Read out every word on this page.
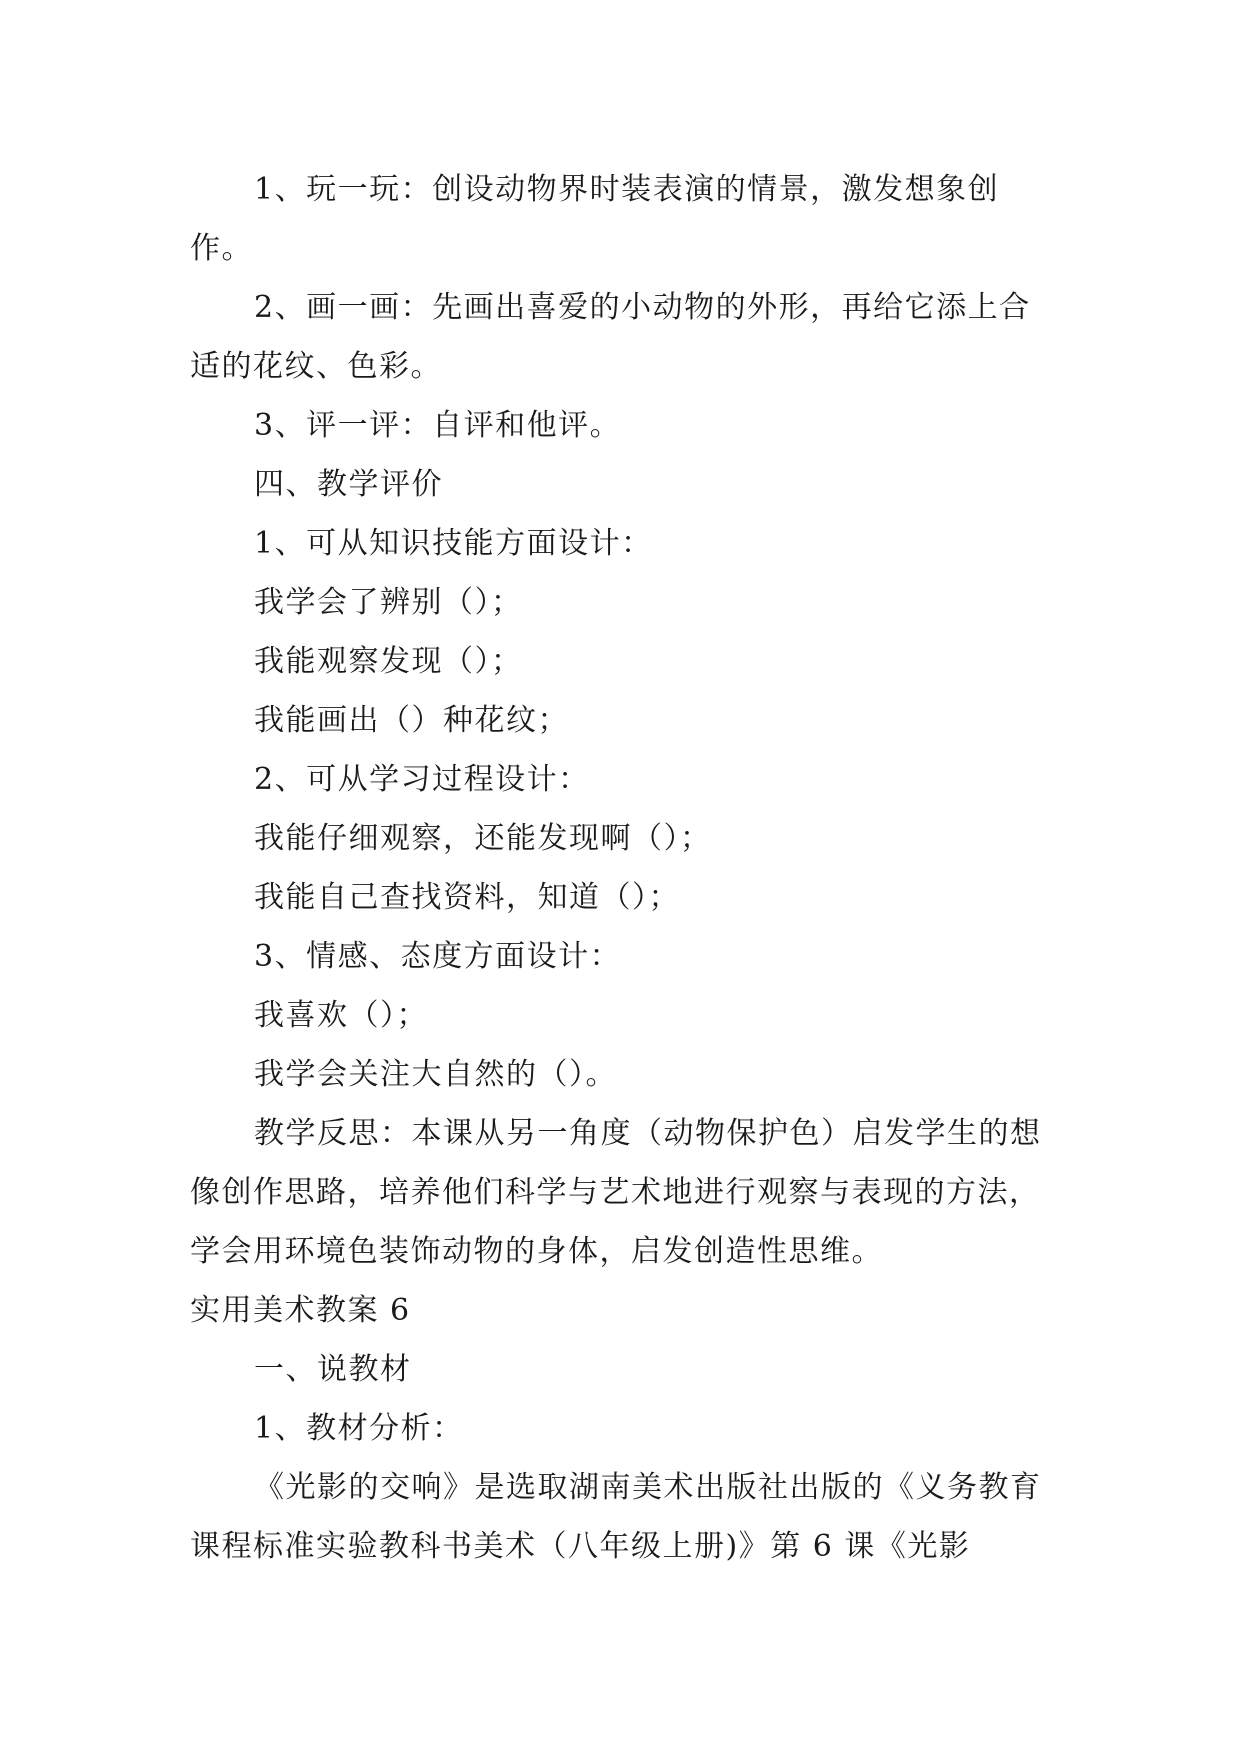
1、玩一玩：创设动物界时装表演的情景，激发想象创作。

2、画一画：先画出喜爱的小动物的外形，再给它添上合适的花纹、色彩。

3、评一评：自评和他评。

四、教学评价

1、可从知识技能方面设计：

我学会了辨别（）；

我能观察发现（）；

我能画出（）种花纹；

2、可从学习过程设计：

我能仔细观察，还能发现啊（）；

我能自己查找资料，知道（）；

3、情感、态度方面设计：

我喜欢（）；

我学会关注大自然的（）。

教学反思：本课从另一角度（动物保护色）启发学生的想像创作思路，培养他们科学与艺术地进行观察与表现的方法，学会用环境色装饰动物的身体，启发创造性思维。

实用美术教案 6

一、说教材

1、教材分析：

《光影的交响》是选取湖南美术出版社出版的《义务教育课程标准实验教科书美术（八年级上册)》第 6 课《光影
